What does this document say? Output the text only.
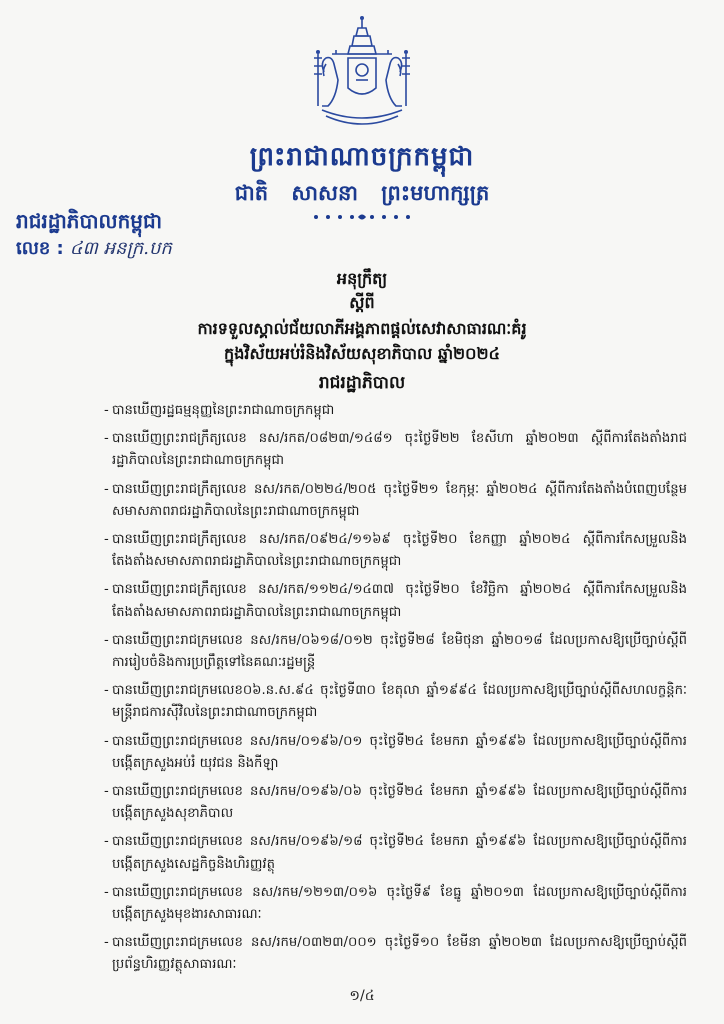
ព្រះរាជាណាចក្រកម្ពុជា
ជាតិ សាសនា ព្រះមហាក្សត្រ
រាជរដ្ឋាភិបាលកម្ពុជា
លេខ : ៤៣ អនក្រ.បក
អនុក្រឹត្យ
ស្តីពី
ការទទួលស្គាល់ជ័យលាភីអង្គភាពផ្តល់សេវាសាធារណៈគំរូ
ក្នុងវិស័យអប់រំនិងវិស័យសុខាភិបាល ឆ្នាំ២០២៤
រាជរដ្ឋាភិបាល
- បានឃើញរដ្ឋធម្មនុញ្ញនៃព្រះរាជាណាចក្រកម្ពុជា
- បានឃើញព្រះរាជក្រឹត្យលេខ នស/រកត/០៨២៣/១៤៨១ ចុះថ្ងៃទី២២ ខែសីហា ឆ្នាំ២០២៣ ស្តីពីការតែងតាំងរាជរដ្ឋាភិបាលនៃព្រះរាជាណាចក្រកម្ពុជា
- បានឃើញព្រះរាជក្រឹត្យលេខ នស/រកត/០២២៤/២០៥ ចុះថ្ងៃទី២១ ខែកុម្ភៈ ឆ្នាំ២០២៤ ស្តីពីការតែងតាំងបំពេញបន្ថែមសមាសភាពរាជរដ្ឋាភិបាលនៃព្រះរាជាណាចក្រកម្ពុជា
- បានឃើញព្រះរាជក្រឹត្យលេខ នស/រកត/០៩២៤/១១៦៩ ចុះថ្ងៃទី២០ ខែកញ្ញា ឆ្នាំ២០២៤ ស្តីពីការកែសម្រួលនិងតែងតាំងសមាសភាពរាជរដ្ឋាភិបាលនៃព្រះរាជាណាចក្រកម្ពុជា
- បានឃើញព្រះរាជក្រឹត្យលេខ នស/រកត/១១២៤/១៤៣៧ ចុះថ្ងៃទី២០ ខែវិច្ឆិកា ឆ្នាំ២០២៤ ស្តីពីការកែសម្រួលនិងតែងតាំងសមាសភាពរាជរដ្ឋាភិបាលនៃព្រះរាជាណាចក្រកម្ពុជា
- បានឃើញព្រះរាជក្រមលេខ នស/រកម/០៦១៨/០១២ ចុះថ្ងៃទី២៨ ខែមិថុនា ឆ្នាំ២០១៨ ដែលប្រកាសឱ្យប្រើច្បាប់ស្តីពីការរៀបចំនិងការប្រព្រឹត្តទៅនៃគណៈរដ្ឋមន្ត្រី
- បានឃើញព្រះរាជក្រមលេខ០៦.ន.ស.៩៤ ចុះថ្ងៃទី៣០ ខែតុលា ឆ្នាំ១៩៩៤ ដែលប្រកាសឱ្យប្រើច្បាប់ស្តីពីសហលក្ខន្តិកៈមន្ត្រីរាជការស៊ីវិលនៃព្រះរាជាណាចក្រកម្ពុជា
- បានឃើញព្រះរាជក្រមលេខ នស/រកម/០១៩៦/០១ ចុះថ្ងៃទី២៤ ខែមករា ឆ្នាំ១៩៩៦ ដែលប្រកាសឱ្យប្រើច្បាប់ស្តីពីការបង្កើតក្រសួងអប់រំ យុវជន និងកីឡា
- បានឃើញព្រះរាជក្រមលេខ នស/រកម/០១៩៦/០៦ ចុះថ្ងៃទី២៤ ខែមករា ឆ្នាំ១៩៩៦ ដែលប្រកាសឱ្យប្រើច្បាប់ស្តីពីការបង្កើតក្រសួងសុខាភិបាល
- បានឃើញព្រះរាជក្រមលេខ នស/រកម/០១៩៦/១៨ ចុះថ្ងៃទី២៤ ខែមករា ឆ្នាំ១៩៩៦ ដែលប្រកាសឱ្យប្រើច្បាប់ស្តីពីការបង្កើតក្រសួងសេដ្ឋកិច្ចនិងហិរញ្ញវត្ថុ
- បានឃើញព្រះរាជក្រមលេខ នស/រកម/១២១៣/០១៦ ចុះថ្ងៃទី៩ ខែធ្នូ ឆ្នាំ២០១៣ ដែលប្រកាសឱ្យប្រើច្បាប់ស្តីពីការបង្កើតក្រសួងមុខងារសាធារណៈ
- បានឃើញព្រះរាជក្រមលេខ នស/រកម/០៣២៣/០០១ ចុះថ្ងៃទី១០ ខែមីនា ឆ្នាំ២០២៣ ដែលប្រកាសឱ្យប្រើច្បាប់ស្តីពីប្រព័ន្ធហិរញ្ញវត្ថុសាធារណៈ
១/៤
